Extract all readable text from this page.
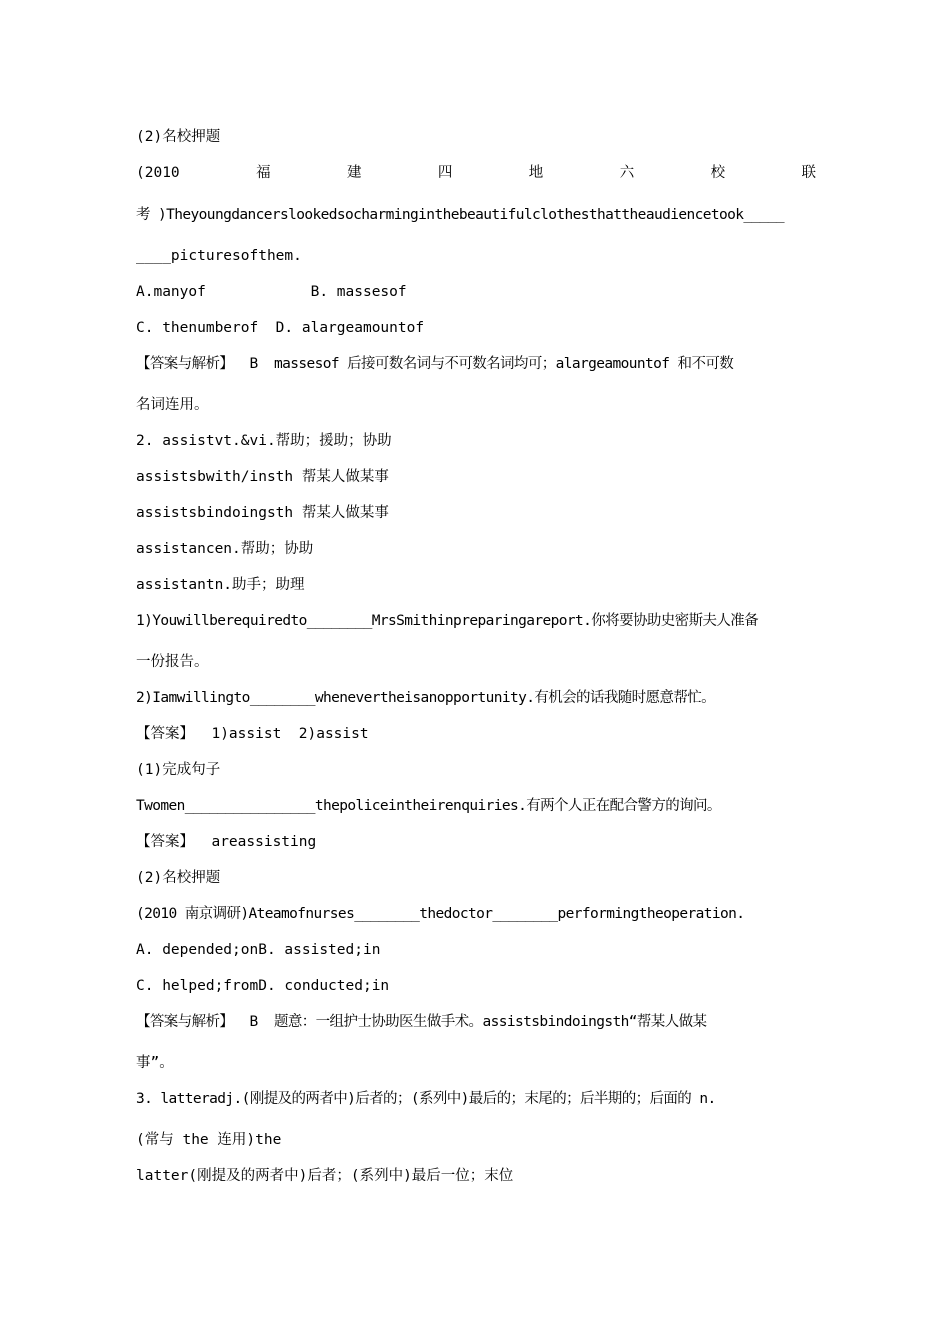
(2)名校押题
(2010	福	建	四	地	六	校	联
考 )Theyoungdancerslookedsocharminginthebeautifulclothesthattheaudiencetook_____
____picturesofthem.
A.manyof            B. massesof
C. thenumberof  D. alargeamountof
【答案与解析】  B  massesof 后接可数名词与不可数名词均可；alargeamountof 和不可数
名词连用。
2. assistvt.&vi.帮助；援助；协助
assistsbwith/insth 帮某人做某事
assistsbindoingsth 帮某人做某事
assistancen.帮助；协助
assistantn.助手；助理
1)Youwillberequiredto________MrsSmithinpreparingareport.你将要协助史密斯夫人准备
一份报告。
2)Iamwillingto________whenevertheisanopportunity.有机会的话我随时愿意帮忙。
【答案】  1)assist  2)assist
(1)完成句子
Twomen________________thepoliceintheirenquiries.有两个人正在配合警方的询问。
【答案】  areassisting
(2)名校押题
(2010 南京调研)Ateamofnurses________thedoctor________performingtheoperation.
A. depended;onB. assisted;in
C. helped;fromD. conducted;in
【答案与解析】  B  题意：一组护士协助医生做手术。assistsbindoingsth“帮某人做某
事”。
3. latteradj.(刚提及的两者中)后者的；(系列中)最后的；末尾的；后半期的；后面的 n.
(常与 the 连用)the
latter(刚提及的两者中)后者；(系列中)最后一位；末位
